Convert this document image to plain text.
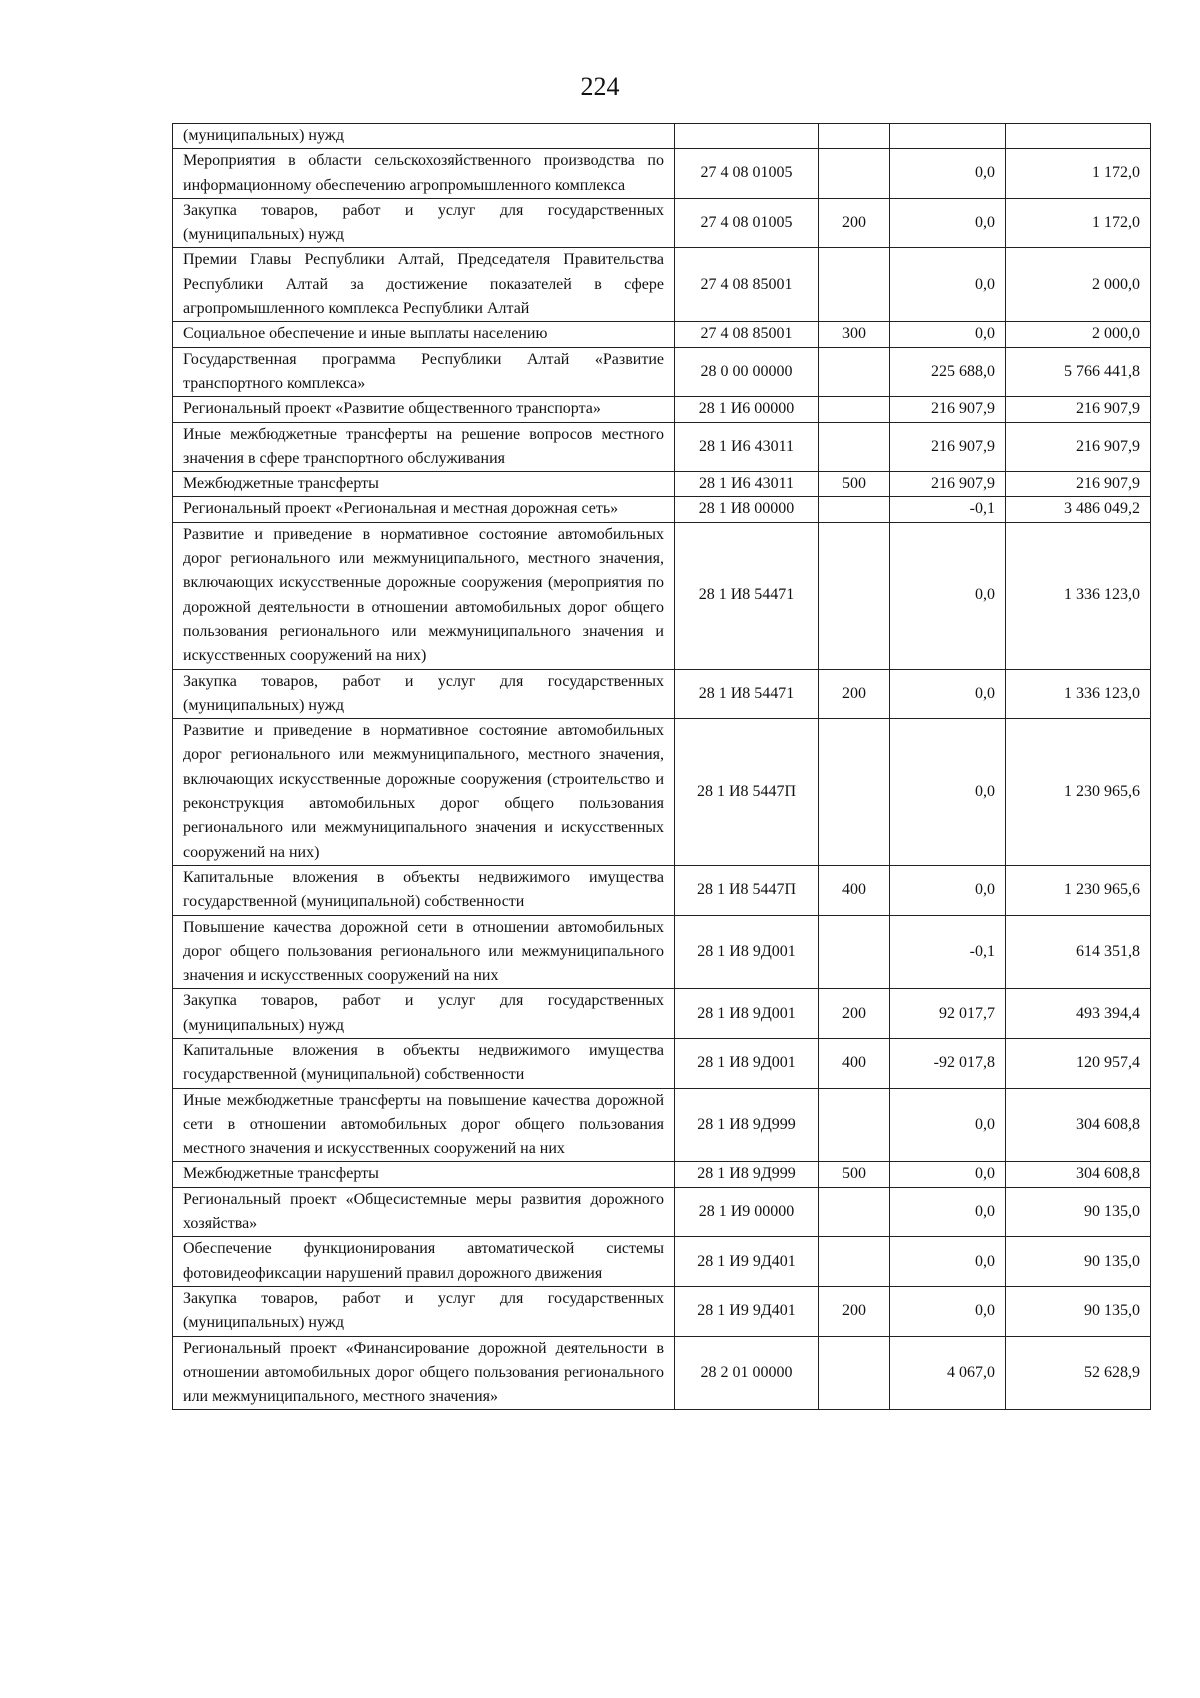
224
(муниципальных) нужд				
Мероприятия в области сельскохозяйственного производства по информационному обеспечению агропромышленного комплекса	27 4 08 01005		0,0	1 172,0
Закупка товаров, работ и услуг для государственных (муниципальных) нужд	27 4 08 01005	200	0,0	1 172,0
Премии Главы Республики Алтай, Председателя Правительства Республики Алтай за достижение показателей в сфере агропромышленного комплекса Республики Алтай	27 4 08 85001		0,0	2 000,0
Социальное обеспечение и иные выплаты населению	27 4 08 85001	300	0,0	2 000,0
Государственная программа Республики Алтай «Развитие транспортного комплекса»	28 0 00 00000		225 688,0	5 766 441,8
Региональный проект «Развитие общественного транспорта»	28 1 И6 00000		216 907,9	216 907,9
Иные межбюджетные трансферты на решение вопросов местного значения в сфере транспортного обслуживания	28 1 И6 43011		216 907,9	216 907,9
Межбюджетные трансферты	28 1 И6 43011	500	216 907,9	216 907,9
Региональный проект «Региональная и местная дорожная сеть»	28 1 И8 00000		-0,1	3 486 049,2
Развитие и приведение в нормативное состояние автомобильных дорог регионального или межмуниципального, местного значения, включающих искусственные дорожные сооружения (мероприятия по дорожной деятельности в отношении автомобильных дорог общего пользования регионального или межмуниципального значения и искусственных сооружений на них)	28 1 И8 54471		0,0	1 336 123,0
Закупка товаров, работ и услуг для государственных (муниципальных) нужд	28 1 И8 54471	200	0,0	1 336 123,0
Развитие и приведение в нормативное состояние автомобильных дорог регионального или межмуниципального, местного значения, включающих искусственные дорожные сооружения (строительство и реконструкция автомобильных дорог общего пользования регионального или межмуниципального значения и искусственных сооружений на них)	28 1 И8 5447П		0,0	1 230 965,6
Капитальные вложения в объекты недвижимого имущества государственной (муниципальной) собственности	28 1 И8 5447П	400	0,0	1 230 965,6
Повышение качества дорожной сети в отношении автомобильных дорог общего пользования регионального или межмуниципального значения и искусственных сооружений на них	28 1 И8 9Д001		-0,1	614 351,8
Закупка товаров, работ и услуг для государственных (муниципальных) нужд	28 1 И8 9Д001	200	92 017,7	493 394,4
Капитальные вложения в объекты недвижимого имущества государственной (муниципальной) собственности	28 1 И8 9Д001	400	-92 017,8	120 957,4
Иные межбюджетные трансферты на повышение качества дорожной сети в отношении автомобильных дорог общего пользования местного значения и искусственных сооружений на них	28 1 И8 9Д999		0,0	304 608,8
Межбюджетные трансферты	28 1 И8 9Д999	500	0,0	304 608,8
Региональный проект «Общесистемные меры развития дорожного хозяйства»	28 1 И9 00000		0,0	90 135,0
Обеспечение функционирования автоматической системы фотовидеофиксации нарушений правил дорожного движения	28 1 И9 9Д401		0,0	90 135,0
Закупка товаров, работ и услуг для государственных (муниципальных) нужд	28 1 И9 9Д401	200	0,0	90 135,0
Региональный проект «Финансирование дорожной деятельности в отношении автомобильных дорог общего пользования регионального или межмуниципального, местного значения»	28 2 01 00000		4 067,0	52 628,9
